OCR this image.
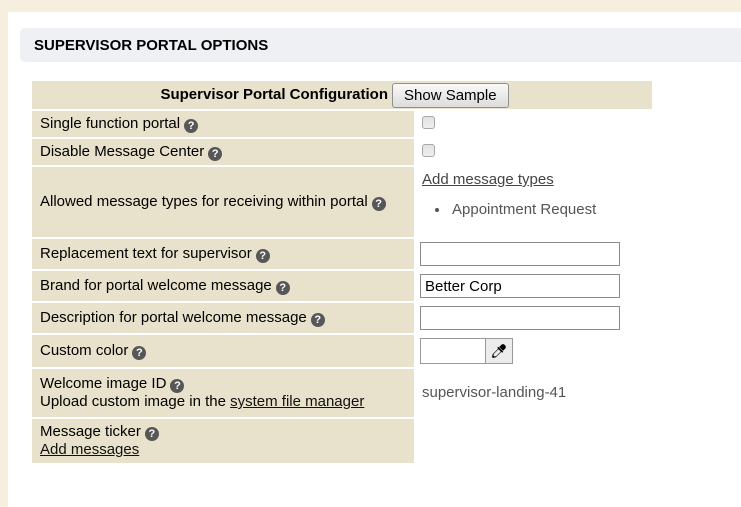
SUPERVISOR PORTAL OPTIONS
Supervisor Portal Configuration Show Sample	

Single function portal ?	
Disable Message Center ?	
Allowed message types for receiving within portal ?	Add message types
• Appointment Request

Replacement text for supervisor ?	
Brand for portal welcome message ?	Better Corp
Description for portal welcome message ?	
Custom color ?	

Welcome image ID ?
Upload custom image in the system file manager	supervisor-landing-41

Message ticker ?
Add messages	
